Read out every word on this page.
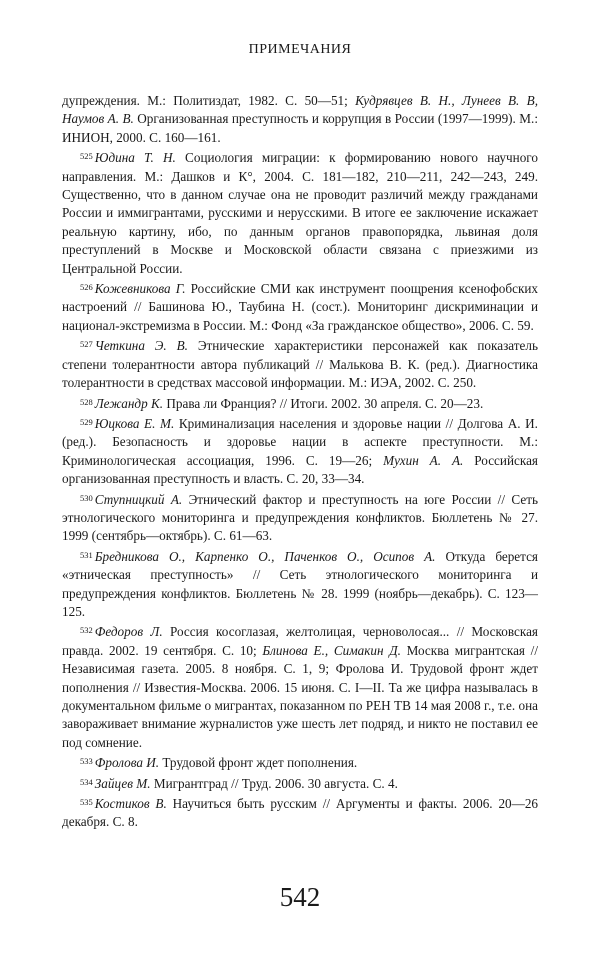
ПРИМЕЧАНИЯ

дупреждения. М.: Политиздат, 1982. С. 50—51; Кудрявцев В. Н., Лунеев В. В, Наумов А. В. Организованная преступность и коррупция в России (1997—1999). М.: ИНИОН, 2000. С. 160—161.

$^{525}$ Юдина Т. Н. Социология миграции: к формированию нового научного направления. М.: Дашков и К°, 2004. С. 181—182, 210—211, 242—243, 249. Существенно, что в данном случае она не проводит различий между гражданами России и иммигрантами, русскими и нерусскими. В итоге ее заключение искажает реальную картину, ибо, по данным органов правопорядка, львиная доля преступлений в Москве и Московской области связана с приезжими из Центральной России.

$^{526}$ Кожевникова Г. Российские СМИ как инструмент поощрения ксенофобских настроений // Башинова Ю., Таубина Н. (сост.). Мониторинг дискриминации и национал-экстремизма в России. М.: Фонд «За гражданское общество», 2006. С. 59.

$^{527}$ Четкина Э. В. Этнические характеристики персонажей как показатель степени толерантности автора публикаций // Малькова В. К. (ред.). Диагностика толерантности в средствах массовой информации. М.: ИЭА, 2002. С. 250.

$^{528}$ Лежандр К. Права ли Франция? // Итоги. 2002. 30 апреля. С. 20—23.

$^{529}$ Юцкова Е. М. Криминализация населения и здоровье нации // Долгова А. И. (ред.). Безопасность и здоровье нации в аспекте преступности. М.: Криминологическая ассоциация, 1996. С. 19—26; Мухин А. А. Российская организованная преступность и власть. С. 20, 33—34.

$^{530}$ Ступницкий А. Этнический фактор и преступность на юге России // Сеть этнологического мониторинга и предупреждения конфликтов. Бюллетень № 27. 1999 (сентябрь—октябрь). С. 61—63.

$^{531}$ Бредникова О., Карпенко О., Паченков О., Осипов А. Откуда берется «этническая преступность» // Сеть этнологического мониторинга и предупреждения конфликтов. Бюллетень № 28. 1999 (ноябрь—декабрь). С. 123—125.

$^{532}$ Федоров Л. Россия косоглазая, желтолицая, черноволосая... // Московская правда. 2002. 19 сентября. С. 10; Блинова Е., Симакин Д. Москва мигрантская // Независимая газета. 2005. 8 ноября. С. 1, 9; Фролова И. Трудовой фронт ждет пополнения // Известия-Москва. 2006. 15 июня. С. I—II. Та же цифра называлась в документальном фильме о мигрантах, показанном по РЕН ТВ 14 мая 2008 г., т.е. она завораживает внимание журналистов уже шесть лет подряд, и никто не поставил ее под сомнение.

$^{533}$ Фролова И. Трудовой фронт ждет пополнения.

$^{534}$ Зайцев М. Мигрантград // Труд. 2006. 30 августа. С. 4.

$^{535}$ Костиков В. Научиться быть русским // Аргументы и факты. 2006. 20—26 декабря. С. 8.

542
